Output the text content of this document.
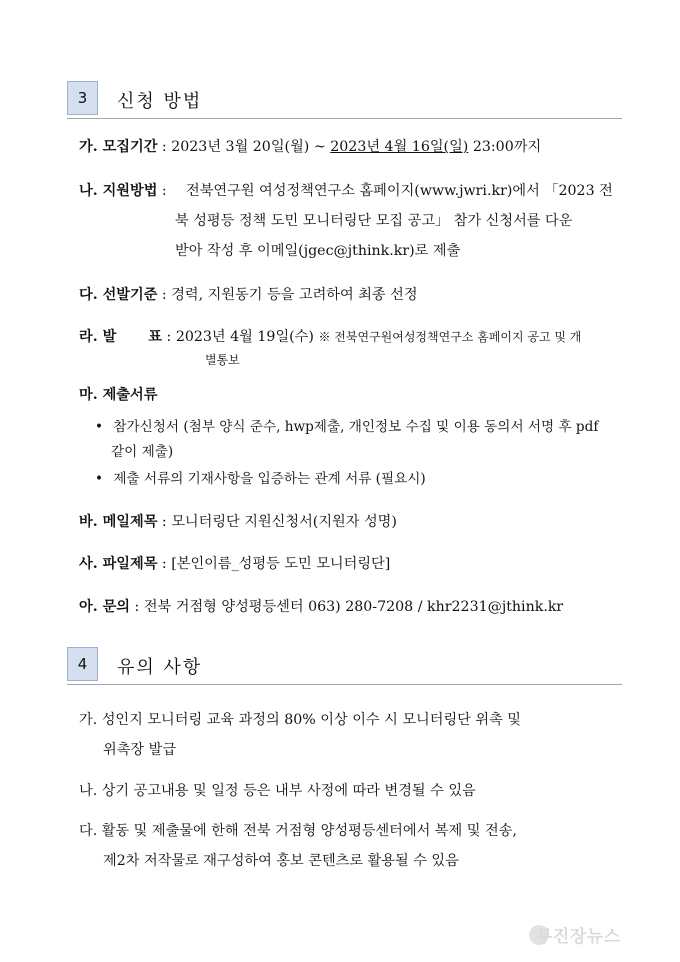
3	신청 방법
가. 모집기간 : 2023년 3월 20일(월) ~ 2023년 4월 16일(일) 23:00까지
나. 지원방법 : 전북연구원 여성정책연구소 홈페이지(www.jwri.kr)에서 「2023 전
북 성평등 정책 도민 모니터링단 모집 공고」 참가 신청서를 다운
받아 작성 후 이메일(jgec@jthink.kr)로 제출
다. 선발기준 : 경력, 지원동기 등을 고려하여 최종 선정
라. 발 표 : 2023년 4월 19일(수) ※ 전북연구원여성정책연구소 홈페이지 공고 및 개
별통보
마. 제출서류
• 참가신청서 (첨부 양식 준수, hwp제출, 개인정보 수집 및 이용 동의서 서명 후 pdf
같이 제출)
• 제출 서류의 기재사항을 입증하는 관계 서류 (필요시)
바. 메일제목 : 모니터링단 지원신청서(지원자 성명)
사. 파일제목 : [본인이름_성평등 도민 모니터링단]
아. 문의 : 전북 거점형 양성평등센터 063) 280-7208 / khr2231@jthink.kr
4	유의 사항
가. 성인지 모니터링 교육 과정의 80% 이상 이수 시 모니터링단 위촉 및
위촉장 발급
나. 상기 공고내용 및 일정 등은 내부 사정에 따라 변경될 수 있음
다. 활동 및 제출물에 한해 전북 거점형 양성평등센터에서 복제 및 전송,
제2차 저작물로 재구성하여 홍보 콘텐츠로 활용될 수 있음
무진장뉴스
